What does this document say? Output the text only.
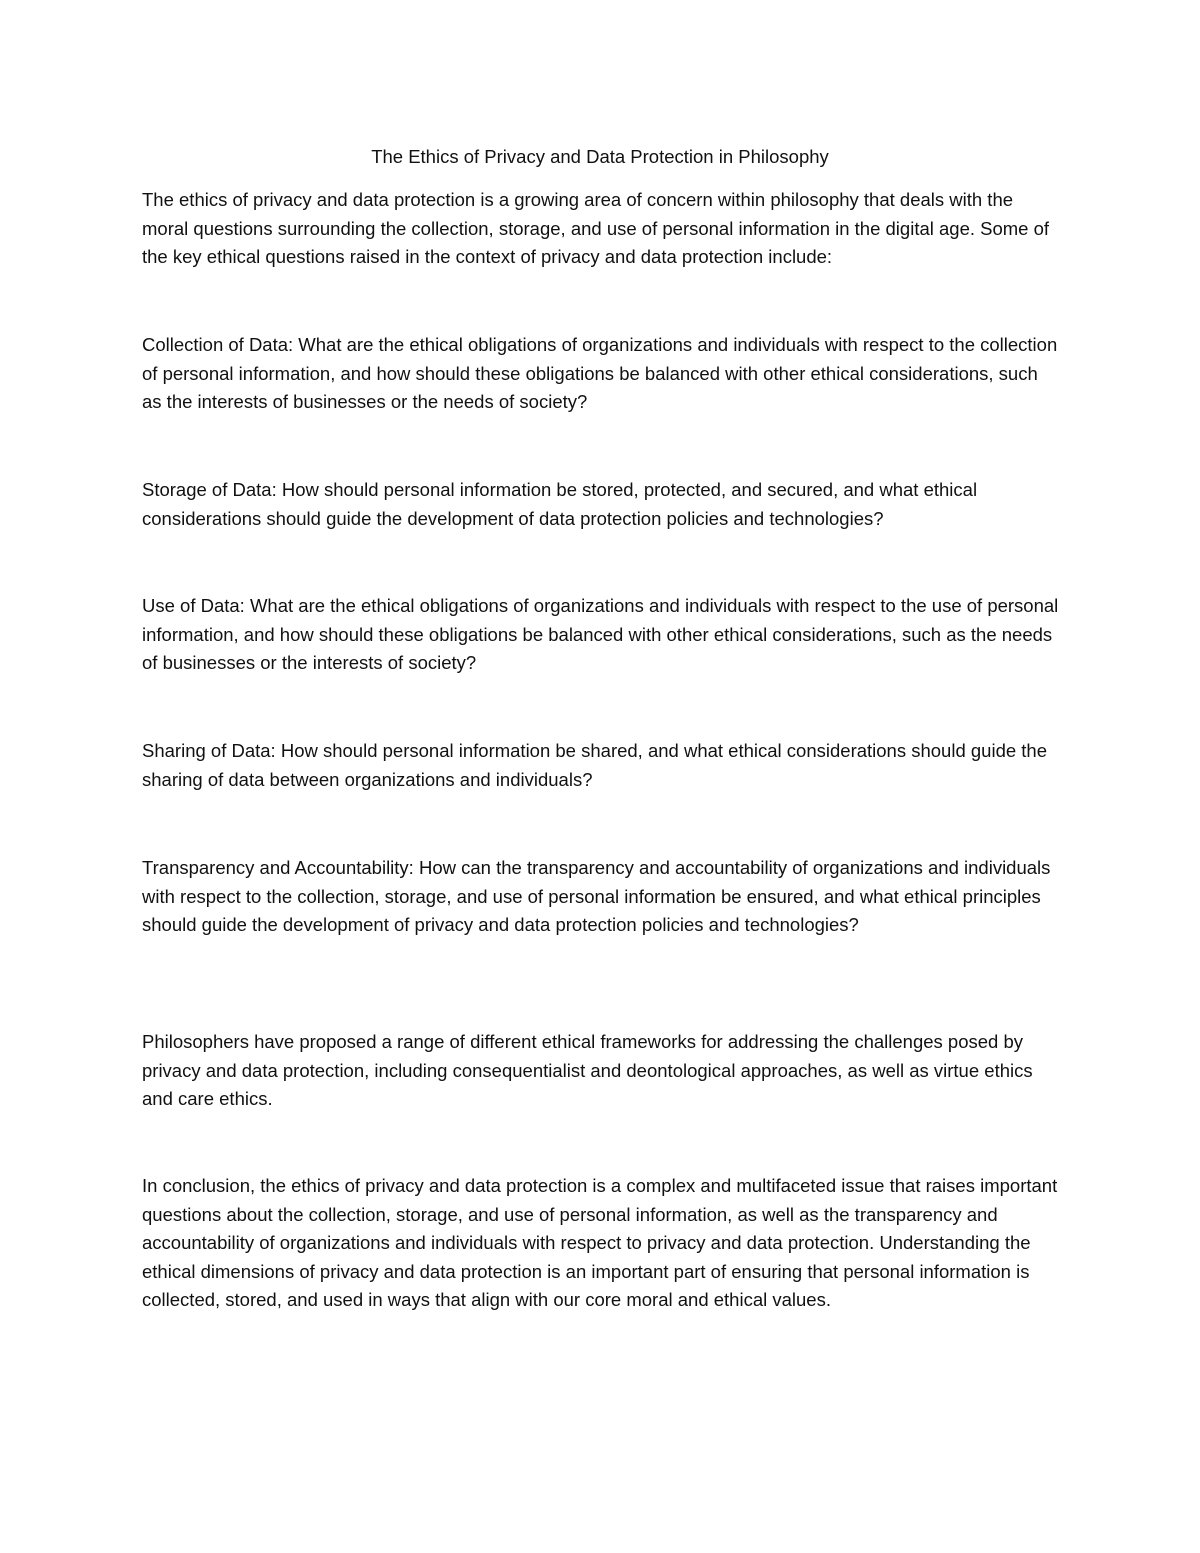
The Ethics of Privacy and Data Protection in Philosophy

The ethics of privacy and data protection is a growing area of concern within philosophy that deals with the moral questions surrounding the collection, storage, and use of personal information in the digital age. Some of the key ethical questions raised in the context of privacy and data protection include:

Collection of Data: What are the ethical obligations of organizations and individuals with respect to the collection of personal information, and how should these obligations be balanced with other ethical considerations, such as the interests of businesses or the needs of society?

Storage of Data: How should personal information be stored, protected, and secured, and what ethical considerations should guide the development of data protection policies and technologies?

Use of Data: What are the ethical obligations of organizations and individuals with respect to the use of personal information, and how should these obligations be balanced with other ethical considerations, such as the needs of businesses or the interests of society?

Sharing of Data: How should personal information be shared, and what ethical considerations should guide the sharing of data between organizations and individuals?

Transparency and Accountability: How can the transparency and accountability of organizations and individuals with respect to the collection, storage, and use of personal information be ensured, and what ethical principles should guide the development of privacy and data protection policies and technologies?

Philosophers have proposed a range of different ethical frameworks for addressing the challenges posed by privacy and data protection, including consequentialist and deontological approaches, as well as virtue ethics and care ethics.

In conclusion, the ethics of privacy and data protection is a complex and multifaceted issue that raises important questions about the collection, storage, and use of personal information, as well as the transparency and accountability of organizations and individuals with respect to privacy and data protection. Understanding the ethical dimensions of privacy and data protection is an important part of ensuring that personal information is collected, stored, and used in ways that align with our core moral and ethical values.
